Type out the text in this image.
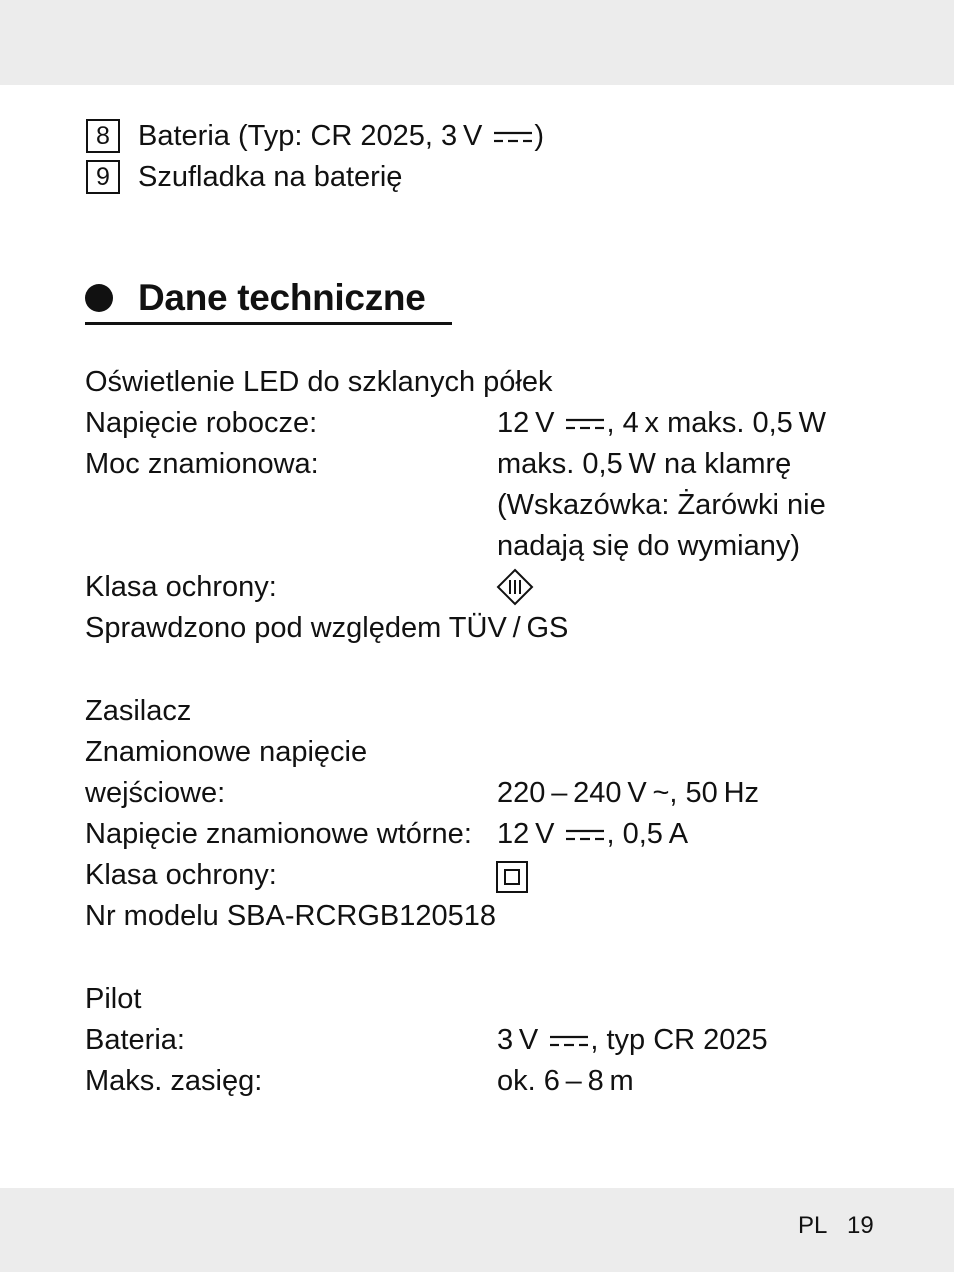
8 Bateria (Typ: CR 2025, 3 V )
9 Szufladka na baterię
Dane techniczne
Oświetlenie LED do szklanych półek
Napięcie robocze:	12 V , 4 x maks. 0,5 W
Moc znamionowa:	maks. 0,5 W na klamrę
(Wskazówka: Żarówki nie
nadają się do wymiany)
Klasa ochrony:
Sprawdzono pod względem TÜV / GS
Zasilacz
Znamionowe napięcie
wejściowe:	220 – 240 V ~, 50 Hz
Napięcie znamionowe wtórne: 12 V , 0,5 A
Klasa ochrony:
Nr modelu SBA-RCRGB120518
Pilot
Bateria:	3 V , typ CR 2025
Maks. zasięg:	ok. 6 – 8 m
PL 19
